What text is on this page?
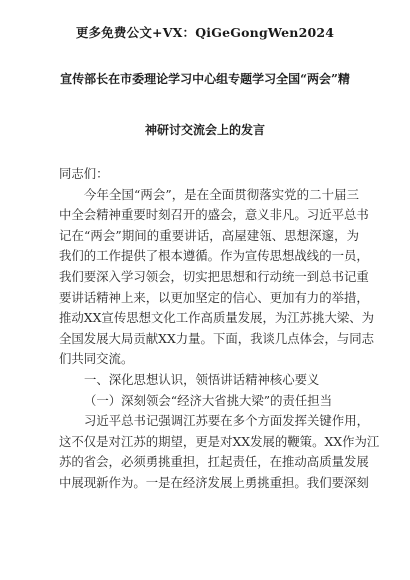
更多免费公文+VX：QiGeGongWen2024
宣传部长在市委理论学习中心组专题学习全国“两会”精
神研讨交流会上的发言
同志们：
今年全国“两会”，是在全面贯彻落实党的二十届三
中全会精神重要时刻召开的盛会，意义非凡。习近平总书
记在“两会”期间的重要讲话，高屋建瓴、思想深邃，为
我们的工作提供了根本遵循。作为宣传思想战线的一员，
我们要深入学习领会，切实把思想和行动统一到总书记重
要讲话精神上来，以更加坚定的信心、更加有力的举措，
推动XX宣传思想文化工作高质量发展，为江苏挑大梁、为
全国发展大局贡献XX力量。下面，我谈几点体会，与同志
们共同交流。
一、深化思想认识，领悟讲话精神核心要义
（一）深刻领会“经济大省挑大梁”的责任担当
习近平总书记强调江苏要在多个方面发挥关键作用，
这不仅是对江苏的期望，更是对XX发展的鞭策。XX作为江
苏的省会，必须勇挑重担，扛起责任，在推动高质量发展
中展现新作为。一是在经济发展上勇挑重担。我们要深刻
